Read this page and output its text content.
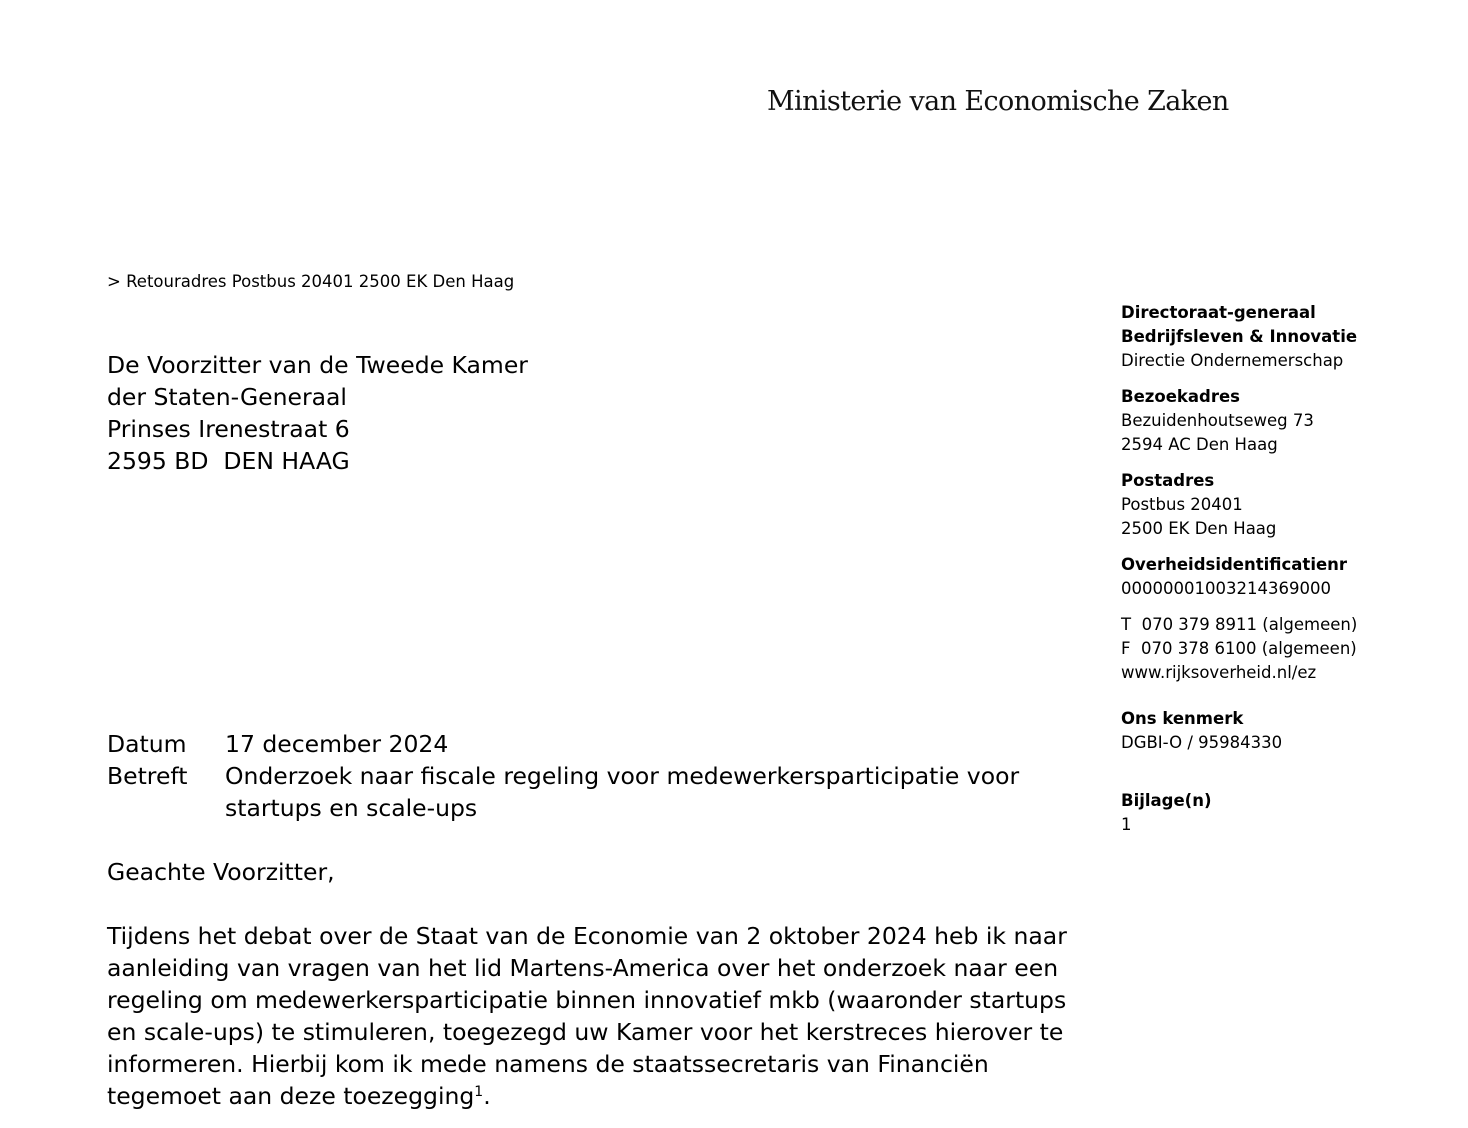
Ministerie van Economische Zaken
> Retouradres Postbus 20401 2500 EK Den Haag
De Voorzitter van de Tweede Kamer
der Staten-Generaal
Prinses Irenestraat 6
2595 BD  DEN HAAG
Directoraat-generaal
Bedrijfsleven & Innovatie
Directie Ondernemerschap
Bezoekadres
Bezuidenhoutseweg 73
2594 AC Den Haag
Postadres
Postbus 20401
2500 EK Den Haag
Overheidsidentificatienr
00000001003214369000
T  070 379 8911 (algemeen)
F  070 378 6100 (algemeen)
www.rijksoverheid.nl/ez
Ons kenmerk
DGBI-O / 95984330
Bijlage(n)
1
Datum	17 december 2024
Betreft	Onderzoek naar fiscale regeling voor medewerkersparticipatie voor
startups en scale-ups
Geachte Voorzitter,
Tijdens het debat over de Staat van de Economie van 2 oktober 2024 heb ik naar
aanleiding van vragen van het lid Martens-America over het onderzoek naar een
regeling om medewerkersparticipatie binnen innovatief mkb (waaronder startups
en scale-ups) te stimuleren, toegezegd uw Kamer voor het kerstreces hierover te
informeren. Hierbij kom ik mede namens de staatssecretaris van Financiën
tegemoet aan deze toezegging$^1$.
